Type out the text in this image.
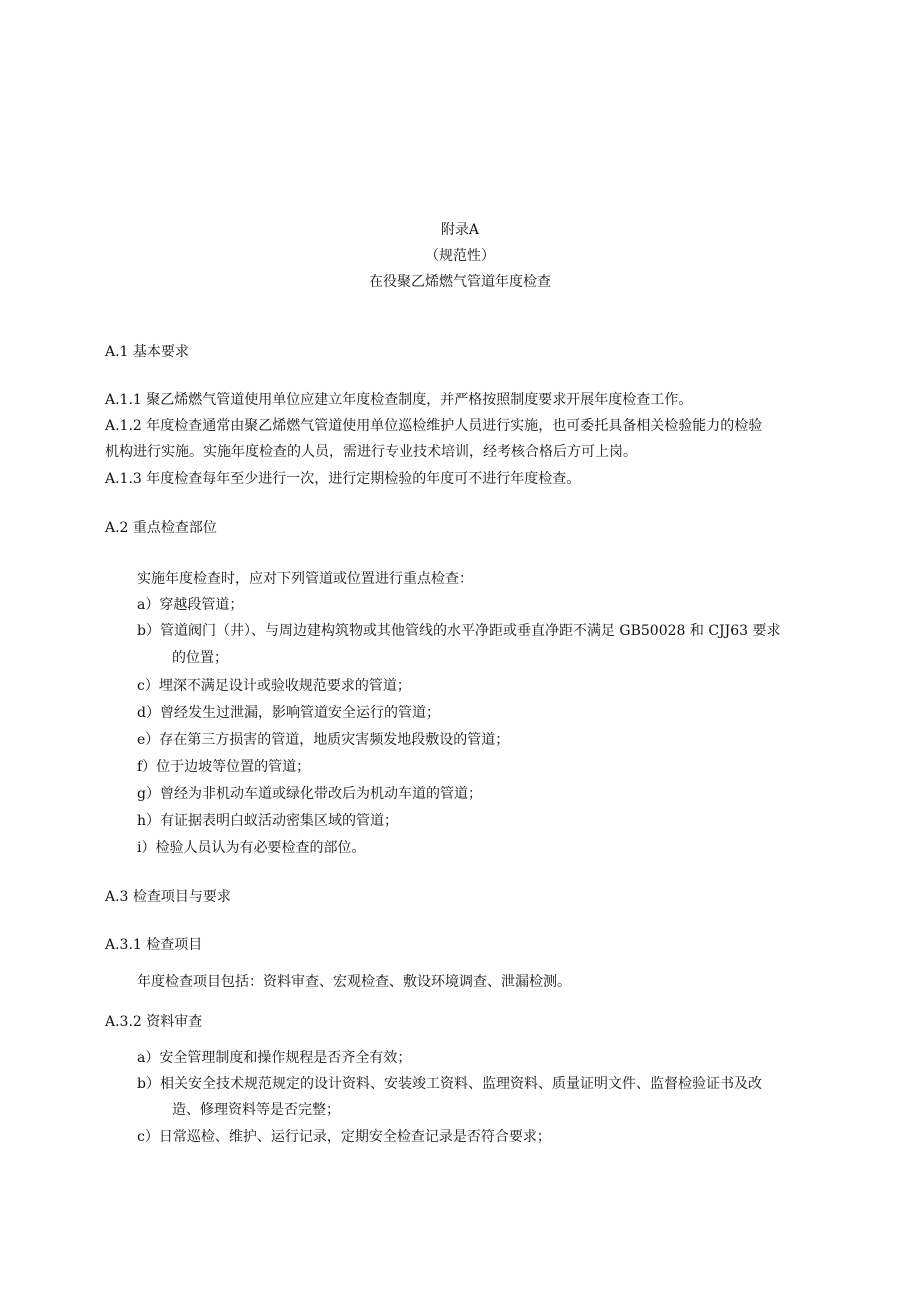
附录A
（规范性）
在役聚乙烯燃气管道年度检查
A.1 基本要求
A.1.1 聚乙烯燃气管道使用单位应建立年度检查制度，并严格按照制度要求开展年度检查工作。
A.1.2 年度检查通常由聚乙烯燃气管道使用单位巡检维护人员进行实施，也可委托具备相关检验能力的检验
机构进行实施。实施年度检查的人员，需进行专业技术培训，经考核合格后方可上岗。
A.1.3 年度检查每年至少进行一次，进行定期检验的年度可不进行年度检查。
A.2 重点检查部位
实施年度检查时，应对下列管道或位置进行重点检查：
a）穿越段管道；
b）管道阀门（井）、与周边建构筑物或其他管线的水平净距或垂直净距不满足 GB50028 和 CJJ63 要求
的位置；
c）埋深不满足设计或验收规范要求的管道；
d）曾经发生过泄漏，影响管道安全运行的管道；
e）存在第三方损害的管道，地质灾害频发地段敷设的管道；
f）位于边坡等位置的管道；
g）曾经为非机动车道或绿化带改后为机动车道的管道；
h）有证据表明白蚁活动密集区域的管道；
i）检验人员认为有必要检查的部位。
A.3 检查项目与要求
A.3.1 检查项目
年度检查项目包括：资料审查、宏观检查、敷设环境调查、泄漏检测。
A.3.2 资料审查
a）安全管理制度和操作规程是否齐全有效；
b）相关安全技术规范规定的设计资料、安装竣工资料、监理资料、质量证明文件、监督检验证书及改
造、修理资料等是否完整；
c）日常巡检、维护、运行记录，定期安全检查记录是否符合要求；
